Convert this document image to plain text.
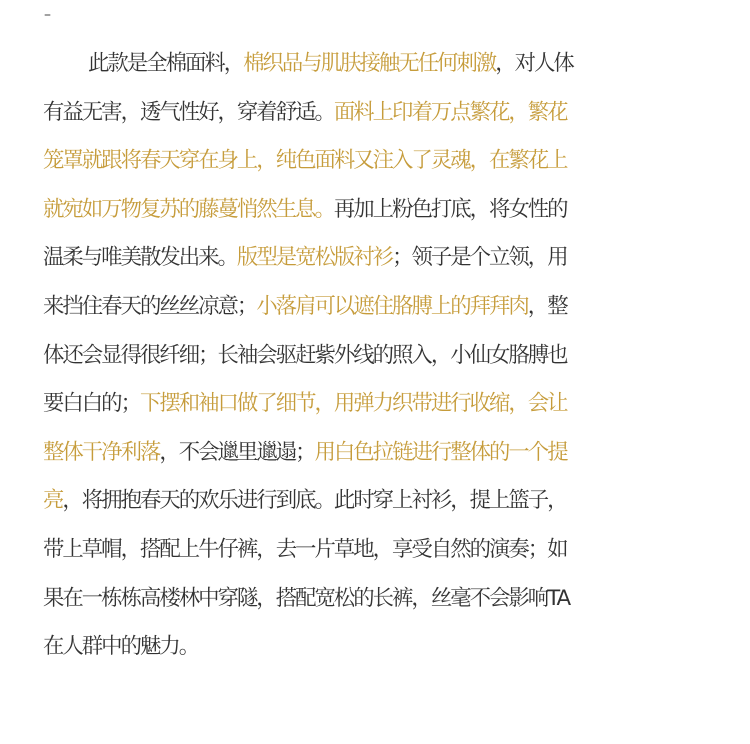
–
此款是全棉面料，棉织品与肌肤接触无任何刺激，对人体
有益无害，透气性好，穿着舒适。面料上印着万点繁花，繁花
笼罩就跟将春天穿在身上，纯色面料又注入了灵魂，在繁花上
就宛如万物复苏的藤蔓悄然生息。再加上粉色打底，将女性的
温柔与唯美散发出来。版型是宽松版衬衫；领子是个立领，用
来挡住春天的丝丝凉意；小落肩可以遮住胳膊上的拜拜肉，整
体还会显得很纤细；长袖会驱赶紫外线的照入，小仙女胳膊也
要白白的；下摆和袖口做了细节，用弹力织带进行收缩，会让
整体干净利落，不会邋里邋遢；用白色拉链进行整体的一个提
亮，将拥抱春天的欢乐进行到底。此时穿上衬衫，提上篮子，
带上草帽，搭配上牛仔裤，去一片草地，享受自然的演奏；如
果在一栋栋高楼林中穿隧，搭配宽松的长裤，丝毫不会影响TA
在人群中的魅力。
